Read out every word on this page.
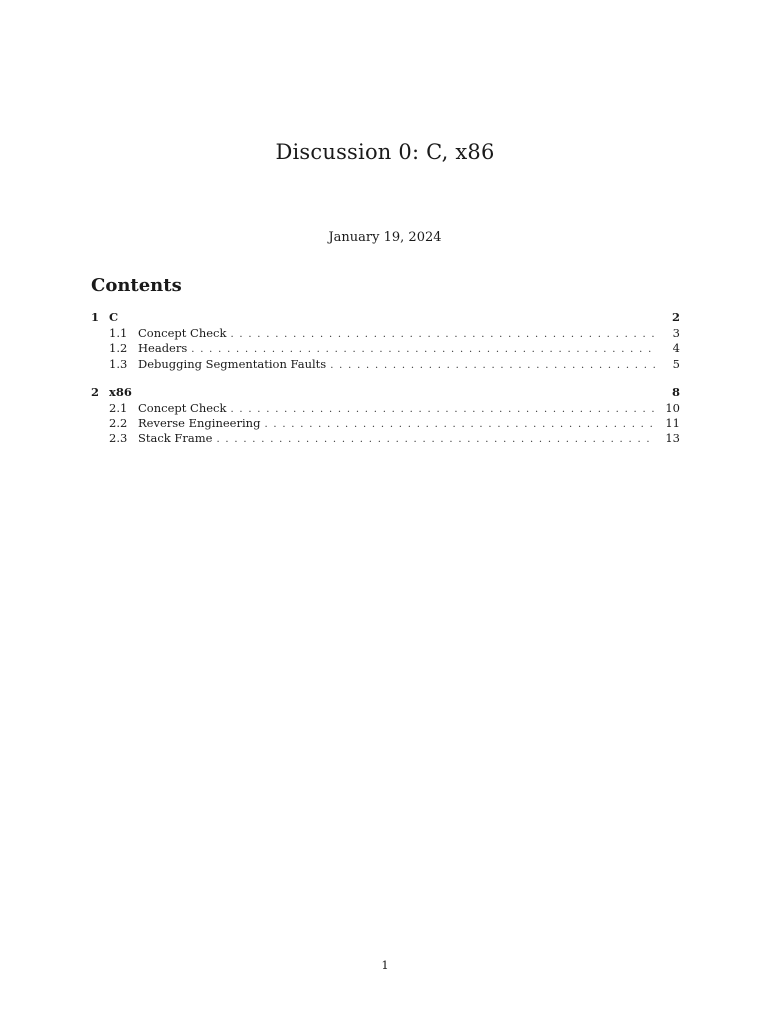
Discussion 0: C, x86
January 19, 2024
Contents
1 C	2
1.1 Concept Check . . .	3
1.2 Headers . . .	4
1.3 Debugging Segmentation Faults . . .	5
2 x86	8
2.1 Concept Check . . .	10
2.2 Reverse Engineering . . .	11
2.3 Stack Frame . . .	13
1
